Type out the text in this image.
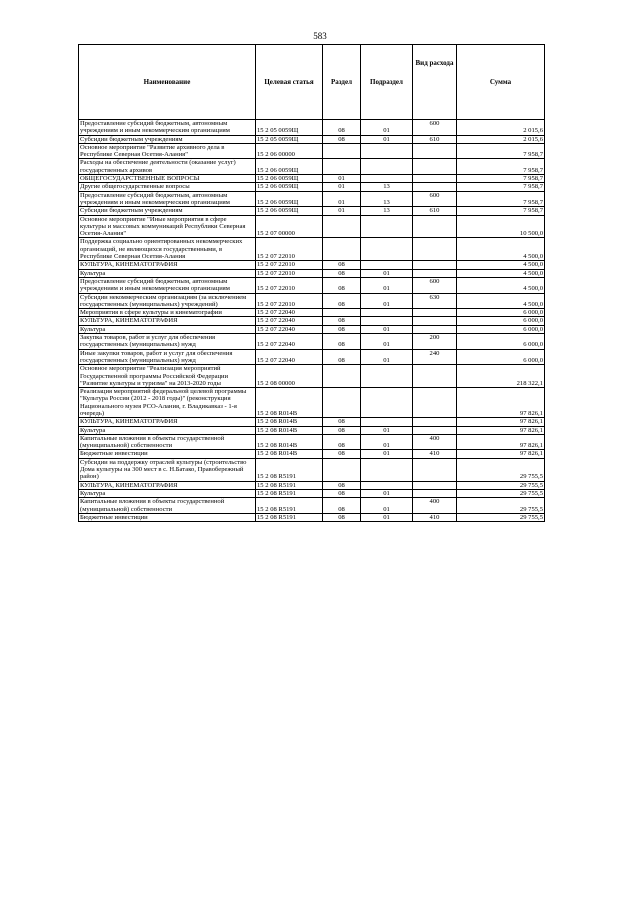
583
Наименование	Целевая статья	Раздел	Подраздел	Вид расхода	Сумма
Предоставление субсидий бюджетным, автономным учреждениям и иным некоммерческим организациям	15 2 05 0059Щ	08	01	600	2 015,6
Субсидии бюджетным учреждениям	15 2 05 0059Щ	08	01	610	2 015,6
Основное мероприятие "Развитие архивного дела в Республике Северная Осетия-Алания"	15 2 06 00000				7 958,7
Расходы на обеспечение деятельности (оказание услуг) государственных архивов	15 2 06 0059Щ				7 958,7
ОБЩЕГОСУДАРСТВЕННЫЕ ВОПРОСЫ	15 2 06 0059Щ	01			7 958,7
Другие общегосударственные вопросы	15 2 06 0059Щ	01	13		7 958,7
Предоставление субсидий бюджетным, автономным учреждениям и иным некоммерческим организациям	15 2 06 0059Щ	01	13	600	7 958,7
Субсидии бюджетным учреждениям	15 2 06 0059Щ	01	13	610	7 958,7
Основное мероприятие "Иные мероприятия в сфере культуры и массовых коммуникаций Республики Северная Осетия-Алания"	15 2 07 00000				10 500,0
Поддержка социально ориентированных некоммерческих организаций, не являющихся государственными, в Республике Северная Осетия-Алания	15 2 07 22010				4 500,0
КУЛЬТУРА, КИНЕМАТОГРАФИЯ	15 2 07 22010	08			4 500,0
Культура	15 2 07 22010	08	01		4 500,0
Предоставление субсидий бюджетным, автономным учреждениям и иным некоммерческим организациям	15 2 07 22010	08	01	600	4 500,0
Субсидии некоммерческим организациям (за исключением государственных (муниципальных) учреждений)	15 2 07 22010	08	01	630	4 500,0
Мероприятия в сфере культуры и кинематографии	15 2 07 22040				6 000,0
КУЛЬТУРА, КИНЕМАТОГРАФИЯ	15 2 07 22040	08			6 000,0
Культура	15 2 07 22040	08	01		6 000,0
Закупка товаров, работ и услуг для обеспечения государственных (муниципальных) нужд	15 2 07 22040	08	01	200	6 000,0
Иные закупки товаров, работ и услуг для обеспечения государственных (муниципальных) нужд	15 2 07 22040	08	01	240	6 000,0
Основное мероприятие "Реализация мероприятий Государственной программы Российской Федерации "Развитие культуры и туризма" на 2013-2020 годы	15 2 08 00000				218 322,1
Реализация мероприятий федеральной целевой программы "Культура России (2012 - 2018 годы)" (реконструкция Национального музея РСО-Алания, г. Владикавказ - 1-я очередь)	15 2 08 R014В				97 826,1
КУЛЬТУРА, КИНЕМАТОГРАФИЯ	15 2 08 R014В	08			97 826,1
Культура	15 2 08 R014В	08	01		97 826,1
Капитальные вложения в объекты государственной (муниципальной) собственности	15 2 08 R014В	08	01	400	97 826,1
Бюджетные инвестиции	15 2 08 R014В	08	01	410	97 826,1
Субсидии на поддержку отраслей культуры (строительство Дома культуры на 300 мест в с. Н.Батако, Правобережный район)	15 2 08 R5191				29 755,5
КУЛЬТУРА, КИНЕМАТОГРАФИЯ	15 2 08 R5191	08			29 755,5
Культура	15 2 08 R5191	08	01		29 755,5
Капитальные вложения в объекты государственной (муниципальной) собственности	15 2 08 R5191	08	01	400	29 755,5
Бюджетные инвестиции	15 2 08 R5191	08	01	410	29 755,5
